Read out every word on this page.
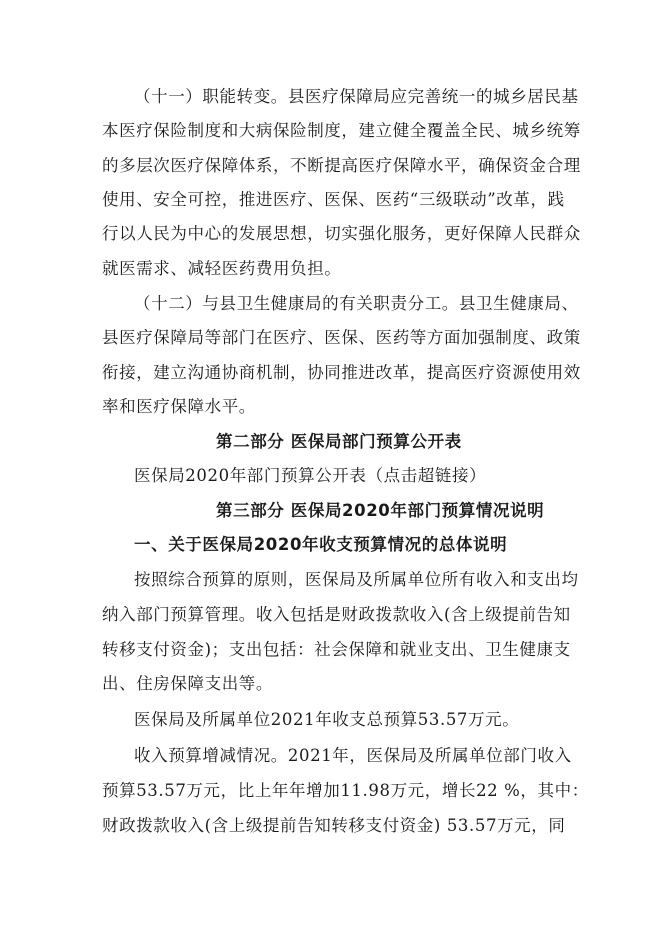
（十一）职能转变。县医疗保障局应完善统一的城乡居民基
本医疗保险制度和大病保险制度，建立健全覆盖全民、城乡统筹
的多层次医疗保障体系，不断提高医疗保障水平，确保资金合理
使用、安全可控，推进医疗、医保、医药“三级联动”改革，践
行以人民为中心的发展思想，切实强化服务，更好保障人民群众
就医需求、减轻医药费用负担。
（十二）与县卫生健康局的有关职责分工。县卫生健康局、
县医疗保障局等部门在医疗、医保、医药等方面加强制度、政策
衔接，建立沟通协商机制，协同推进改革，提高医疗资源使用效
率和医疗保障水平。
第二部分 医保局部门预算公开表
医保局2020年部门预算公开表（点击超链接）
第三部分 医保局2020年部门预算情况说明
一、关于医保局2020年收支预算情况的总体说明
按照综合预算的原则，医保局及所属单位所有收入和支出均
纳入部门预算管理。收入包括是财政拨款收入(含上级提前告知
转移支付资金)；支出包括：社会保障和就业支出、卫生健康支
出、住房保障支出等。
医保局及所属单位2021年收支总预算53.57万元。
收入预算增减情况。2021年，医保局及所属单位部门收入
预算53.57万元，比上年年增加11.98万元，增长22 %，其中：
财政拨款收入(含上级提前告知转移支付资金) 53.57万元，同
